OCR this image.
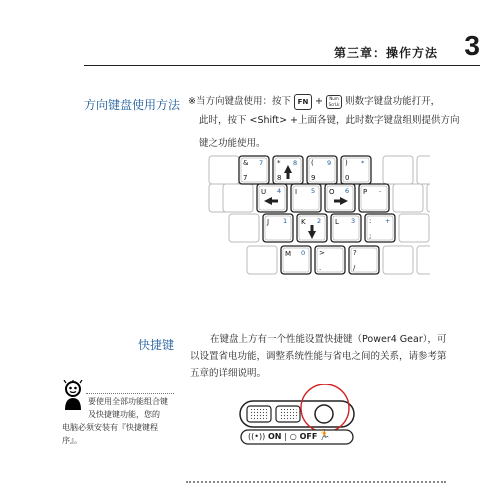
第三章：操作方法 3
方向键盘使用方法 ※当方向键盘使用：按下 FN +	Num
ScrLk 则数字键盘功能打开，
此时，按下 <Shift> +上面各键，此时数字键盘组则提供方向
键之功能使用。
&
7
7 *
8
8 (
9
9 )
0
*
U 4 I 5 O 6 P -
J 1 K 2 L 3 :
;
+
M 0 >
.
?
/
快捷键	在键盘上方有一个性能设置快捷键（Power4 Gear），可
以设置省电功能，调整系统性能与省电之间的关系，请参考第
五章的详细说明。
要使用全部功能组合键
及快捷键功能，您的
电脑必须安装有『快捷键程
序』。	((•)) ON | ○ OFF 🏃
